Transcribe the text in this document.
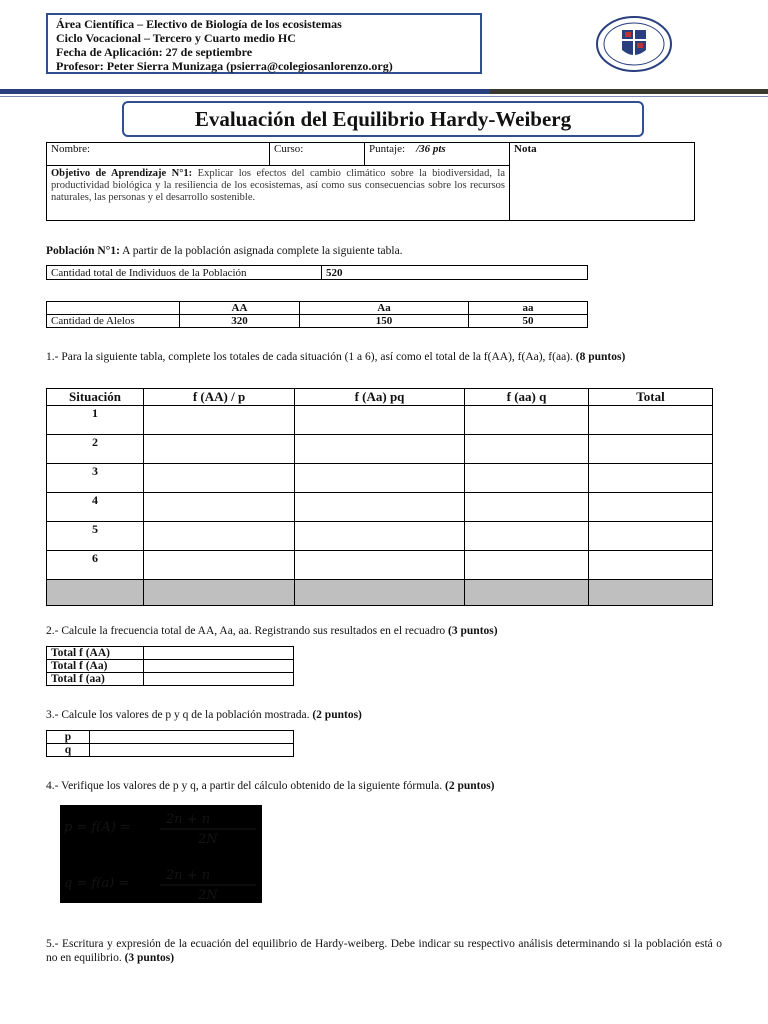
Área Científica – Electivo de Biología de los ecosistemas
Ciclo Vocacional – Tercero y Cuarto medio HC
Fecha de Aplicación: 27 de septiembre
Profesor: Peter Sierra Munizaga (psierra@colegiosanlorenzo.org)
Evaluación del Equilibrio Hardy-Weiberg
Nombre:	Curso:	Puntaje: /36 pts	Nota
Objetivo de Aprendizaje N°1: Explicar los efectos del cambio climático sobre la biodiversidad, la productividad biológica y la resiliencia de los ecosistemas, así como sus consecuencias sobre los recursos naturales, las personas y el desarrollo sostenible.
Población N°1: A partir de la población asignada complete la siguiente tabla.
Cantidad total de Individuos de la Población	520
	AA	Aa	aa
Cantidad de Alelos	320	150	50
1.- Para la siguiente tabla, complete los totales de cada situación (1 a 6), así como el total de la f(AA), f(Aa), f(aa). (8 puntos)
Situación	f (AA) / p	f (Aa) pq	f (aa) q	Total
1				
2				
3				
4				
5				
6				

2.- Calcule la frecuencia total de AA, Aa, aa. Registrando sus resultados en el recuadro (3 puntos)
Total f (AA)	
Total f (Aa)	
Total f (aa)	
3.- Calcule los valores de p y q de la población mostrada. (2 puntos)
p	
q	
4.- Verifique los valores de p y q, a partir del cálculo obtenido de la siguiente fórmula. (2 puntos)
p = f(A) =
2n + n
2N
q = f(a) =
2n + n
2N
5.- Escritura y expresión de la ecuación del equilibrio de Hardy-weiberg. Debe indicar su respectivo análisis determinando si la población está o no en equilibrio. (3 puntos)
